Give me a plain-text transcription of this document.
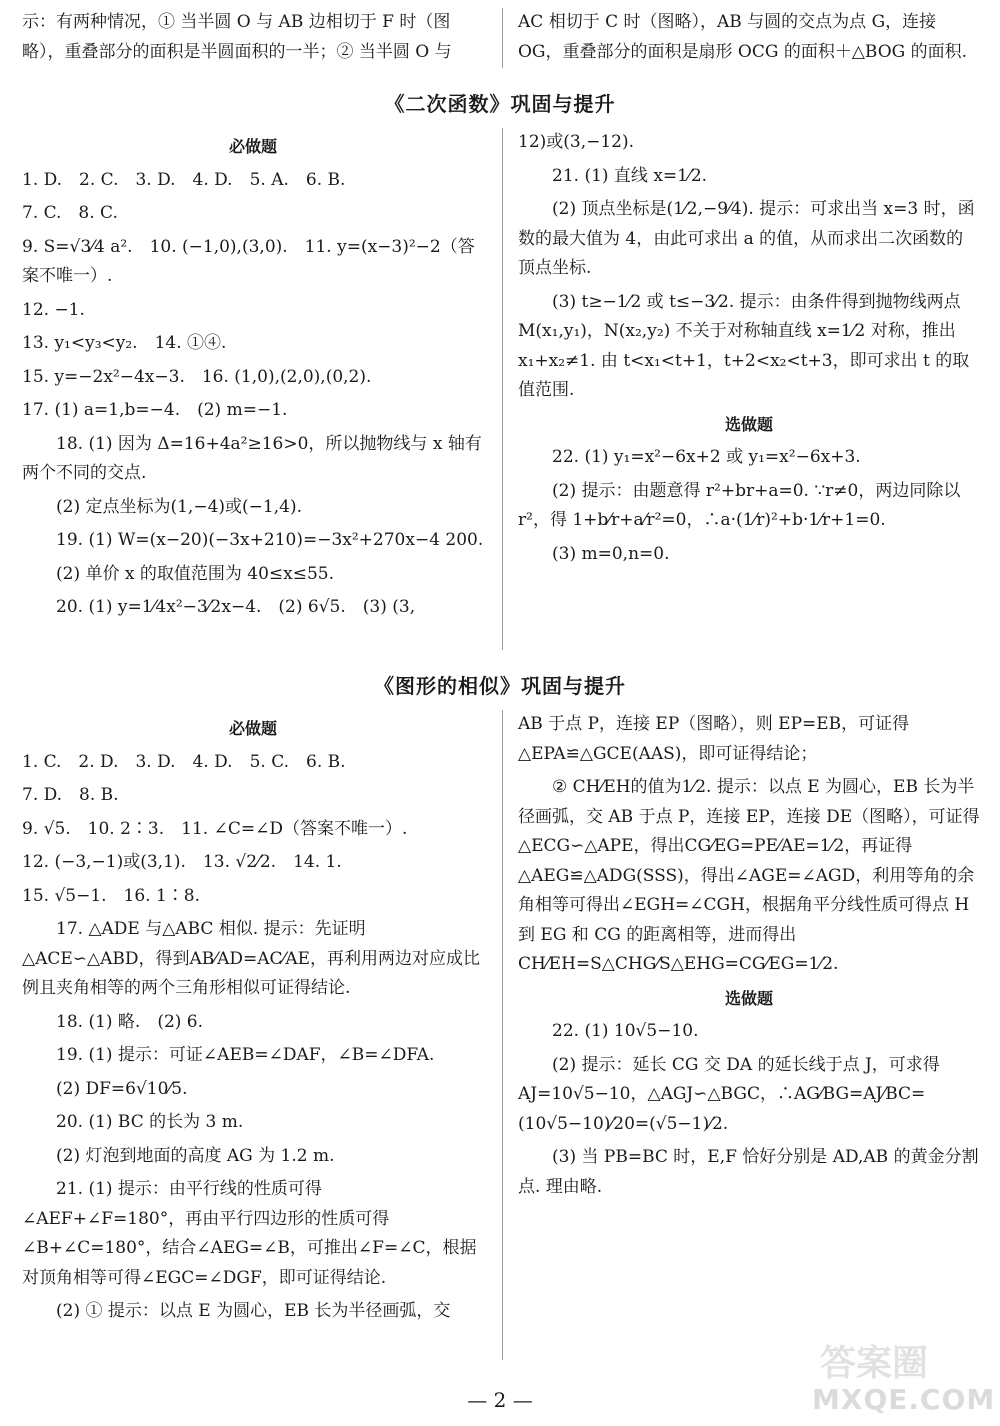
示：有两种情况，① 当半圆 O 与 AB 边相切于 F 时（图略），重叠部分的面积是半圆面积的一半；② 当半圆 O 与

AC 相切于 C 时（图略），AB 与圆的交点为点 G，连接 OG，重叠部分的面积是扇形 OCG 的面积＋△BOG 的面积.

《二次函数》巩固与提升
必做题

1. D.　2. C.　3. D.　4. D.　5. A.　6. B.

7. C.　8. C.

9. S=√3⁄4 a².　10. (−1,0),(3,0).　11. y=(x−3)²−2（答案不唯一）.

12. −1.

13. y₁<y₃<y₂.　14. ①④.

15. y=−2x²−4x−3.　16. (1,0),(2,0),(0,2).

17. (1) a=1,b=−4.　(2) m=−1.

18. (1) 因为 Δ=16+4a²≥16>0，所以抛物线与 x 轴有两个不同的交点.

(2) 定点坐标为(1,−4)或(−1,4).

19. (1) W=(x−20)(−3x+210)=−3x²+270x−4 200.

(2) 单价 x 的取值范围为 40≤x≤55.

20. (1) y=1⁄4x²−3⁄2x−4.　(2) 6√5.　(3) (3,

12)或(3,−12).

21. (1) 直线 x=1⁄2.

(2) 顶点坐标是(1⁄2,−9⁄4). 提示：可求出当 x=3 时，函数的最大值为 4，由此可求出 a 的值，从而求出二次函数的顶点坐标.

(3) t≥−1⁄2 或 t≤−3⁄2. 提示：由条件得到抛物线两点 M(x₁,y₁)，N(x₂,y₂) 不关于对称轴直线 x=1⁄2 对称，推出 x₁+x₂≠1. 由 t<x₁<t+1，t+2<x₂<t+3，即可求出 t 的取值范围.

选做题

22. (1) y₁=x²−6x+2 或 y₁=x²−6x+3.

(2) 提示：由题意得 r²+br+a=0. ∵r≠0，两边同除以 r²，得 1+b⁄r+a⁄r²=0，∴a·(1⁄r)²+b·1⁄r+1=0.

(3) m=0,n=0.

《图形的相似》巩固与提升
必做题

1. C.　2. D.　3. D.　4. D.　5. C.　6. B.

7. D.　8. B.

9. √5.　10. 2∶3.　11. ∠C=∠D（答案不唯一）.

12. (−3,−1)或(3,1).　13. √2⁄2.　14. 1.

15. √5−1.　16. 1∶8.

17. △ADE 与△ABC 相似. 提示：先证明△ACE∽△ABD，得到AB⁄AD=AC⁄AE，再利用两边对应成比例且夹角相等的两个三角形相似可证得结论.

18. (1) 略.　(2) 6.

19. (1) 提示：可证∠AEB=∠DAF，∠B=∠DFA.

(2) DF=6√10⁄5.

20. (1) BC 的长为 3 m.

(2) 灯泡到地面的高度 AG 为 1.2 m.

21. (1) 提示：由平行线的性质可得∠AEF+∠F=180°，再由平行四边形的性质可得∠B+∠C=180°，结合∠AEG=∠B，可推出∠F=∠C，根据对顶角相等可得∠EGC=∠DGF，即可证得结论.

(2) ① 提示：以点 E 为圆心，EB 长为半径画弧，交

AB 于点 P，连接 EP（图略），则 EP=EB，可证得△EPA≌△GCE(AAS)，即可证得结论；

② CH⁄EH的值为1⁄2. 提示：以点 E 为圆心，EB 长为半径画弧，交 AB 于点 P，连接 EP，连接 DE（图略），可证得△ECG∽△APE，得出CG⁄EG=PE⁄AE=1⁄2，再证得△AEG≌△ADG(SSS)，得出∠AGE=∠AGD，利用等角的余角相等可得出∠EGH=∠CGH，根据角平分线性质可得点 H 到 EG 和 CG 的距离相等，进而得出CH⁄EH=S△CHG⁄S△EHG=CG⁄EG=1⁄2.

选做题

22. (1) 10√5−10.

(2) 提示：延长 CG 交 DA 的延长线于点 J，可求得 AJ=10√5−10，△AGJ∽△BGC，∴AG⁄BG=AJ⁄BC=(10√5−10)⁄20=(√5−1)⁄2.

(3) 当 PB=BC 时，E,F 恰好分别是 AD,AB 的黄金分割点. 理由略.

— 2 —
答案圈
MXQE.COM
